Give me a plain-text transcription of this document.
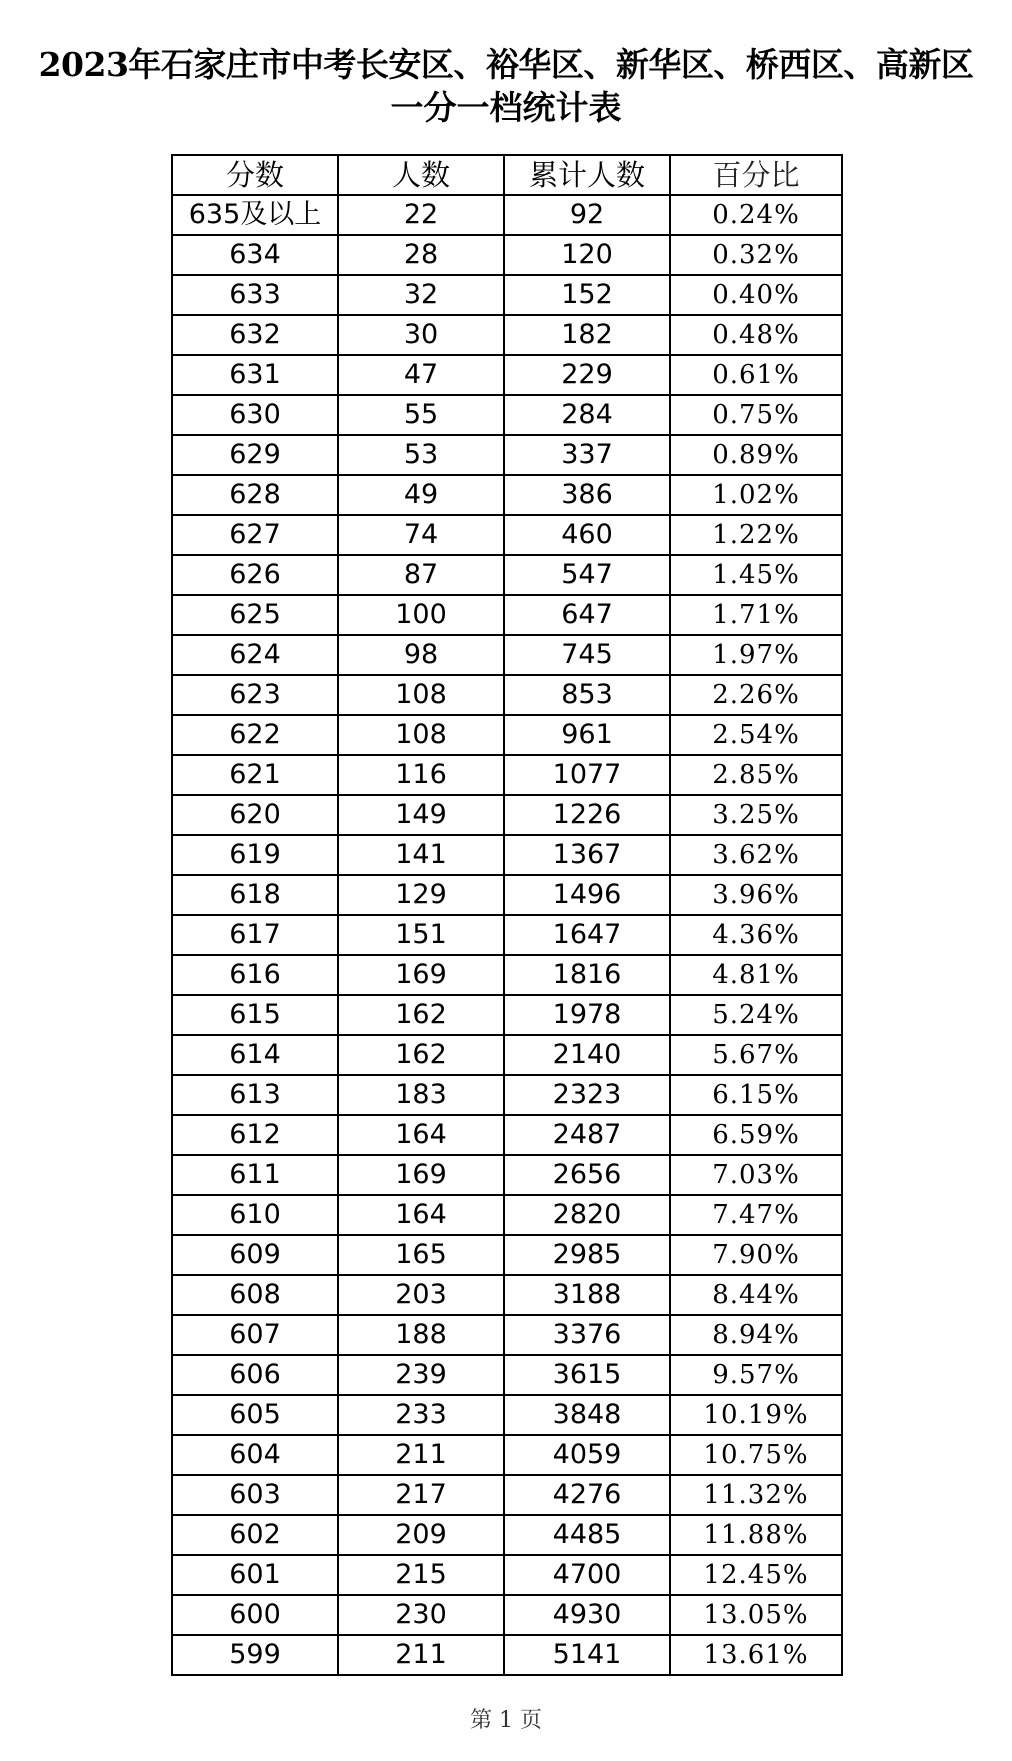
2023年石家庄市中考长安区、裕华区、新华区、桥西区、高新区
一分一档统计表
分数	人数	累计人数	百分比
635及以上	22	92	0.24%
634	28	120	0.32%
633	32	152	0.40%
632	30	182	0.48%
631	47	229	0.61%
630	55	284	0.75%
629	53	337	0.89%
628	49	386	1.02%
627	74	460	1.22%
626	87	547	1.45%
625	100	647	1.71%
624	98	745	1.97%
623	108	853	2.26%
622	108	961	2.54%
621	116	1077	2.85%
620	149	1226	3.25%
619	141	1367	3.62%
618	129	1496	3.96%
617	151	1647	4.36%
616	169	1816	4.81%
615	162	1978	5.24%
614	162	2140	5.67%
613	183	2323	6.15%
612	164	2487	6.59%
611	169	2656	7.03%
610	164	2820	7.47%
609	165	2985	7.90%
608	203	3188	8.44%
607	188	3376	8.94%
606	239	3615	9.57%
605	233	3848	10.19%
604	211	4059	10.75%
603	217	4276	11.32%
602	209	4485	11.88%
601	215	4700	12.45%
600	230	4930	13.05%
599	211	5141	13.61%
第 1 页
